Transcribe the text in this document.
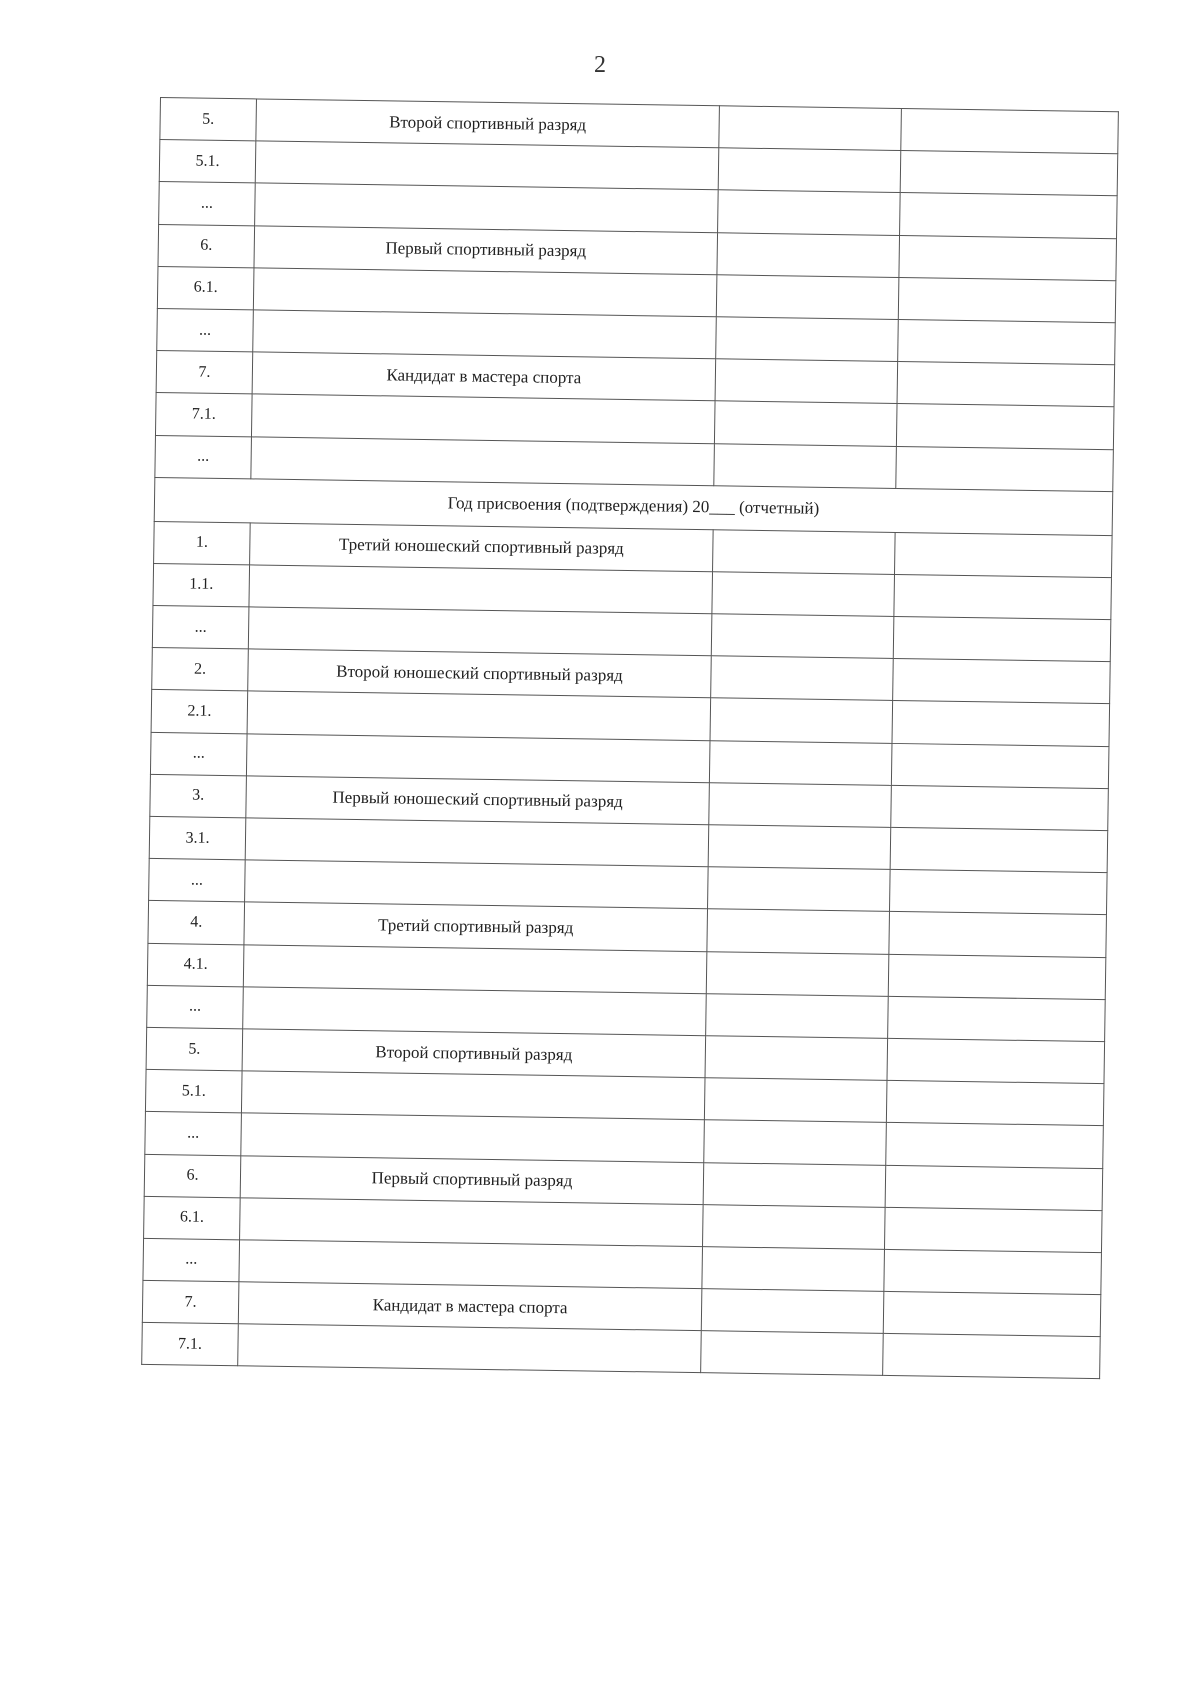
2
5.	Второй спортивный разряд		
5.1.			
...			
6.	Первый спортивный разряд		
6.1.			
...			
7.	Кандидат в мастера спорта		
7.1.			
...			
Год присвоения (подтверждения) 20___ (отчетный)			
1.	Третий юношеский спортивный разряд		
1.1.			
...			
2.	Второй юношеский спортивный разряд		
2.1.			
...			
3.	Первый юношеский спортивный разряд		
3.1.			
...			
4.	Третий спортивный разряд		
4.1.			
...			
5.	Второй спортивный разряд		
5.1.			
...			
6.	Первый спортивный разряд		
6.1.			
...			
7.	Кандидат в мастера спорта		
7.1.			
